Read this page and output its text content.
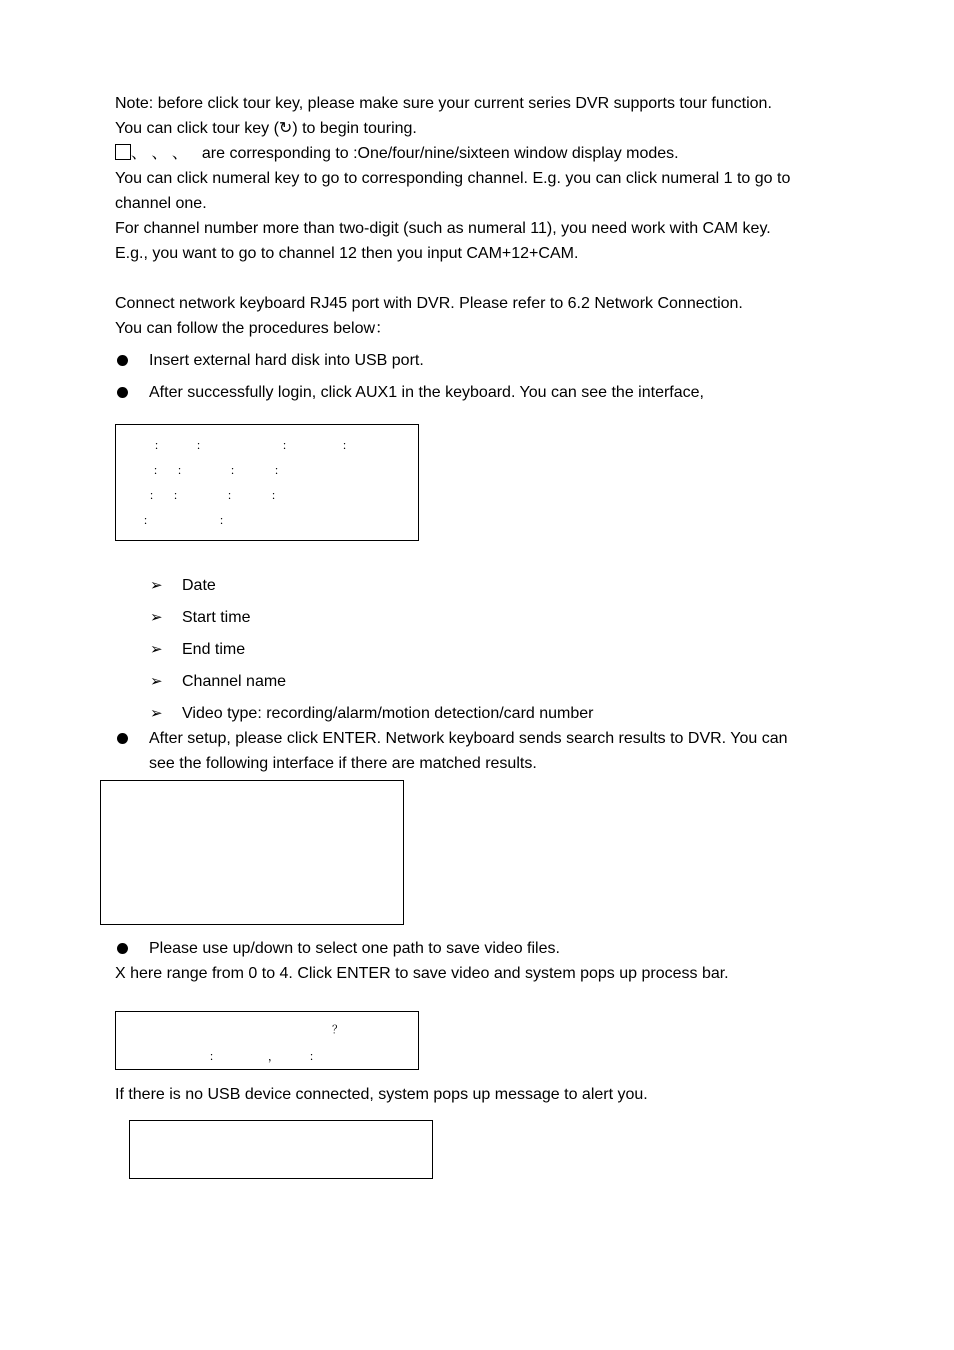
Note: before click tour key, please make sure your current series DVR supports tour function.
You can click tour key (↻) to begin touring.
、 、 、 are corresponding to :One/four/nine/sixteen window display modes.
You can click numeral key to go to corresponding channel. E.g. you can click numeral 1 to go to
channel one.
For channel number more than two-digit (such as numeral 11), you need work with CAM key.
E.g., you want to go to channel 12 then you input CAM+12+CAM.
Connect network keyboard RJ45 port with DVR. Please refer to 6.2 Network Connection.
You can follow the procedures below：
Insert external hard disk into USB port.
After successfully login, click AUX1 in the keyboard. You can see the interface,
：	：	：	：
： ：	：	：
： ：	：	：
：	：
➢ Date
➢ Start time
➢ End time
➢ Channel name
➢ Video type: recording/alarm/motion detection/card number
After setup, please click ENTER. Network keyboard sends search results to DVR. You can
see the following interface if there are matched results.
Please use up/down to select one path to save video files.
X here range from 0 to 4. Click ENTER to save video and system pops up process bar.
？
：	，	：
If there is no USB device connected, system pops up message to alert you.
